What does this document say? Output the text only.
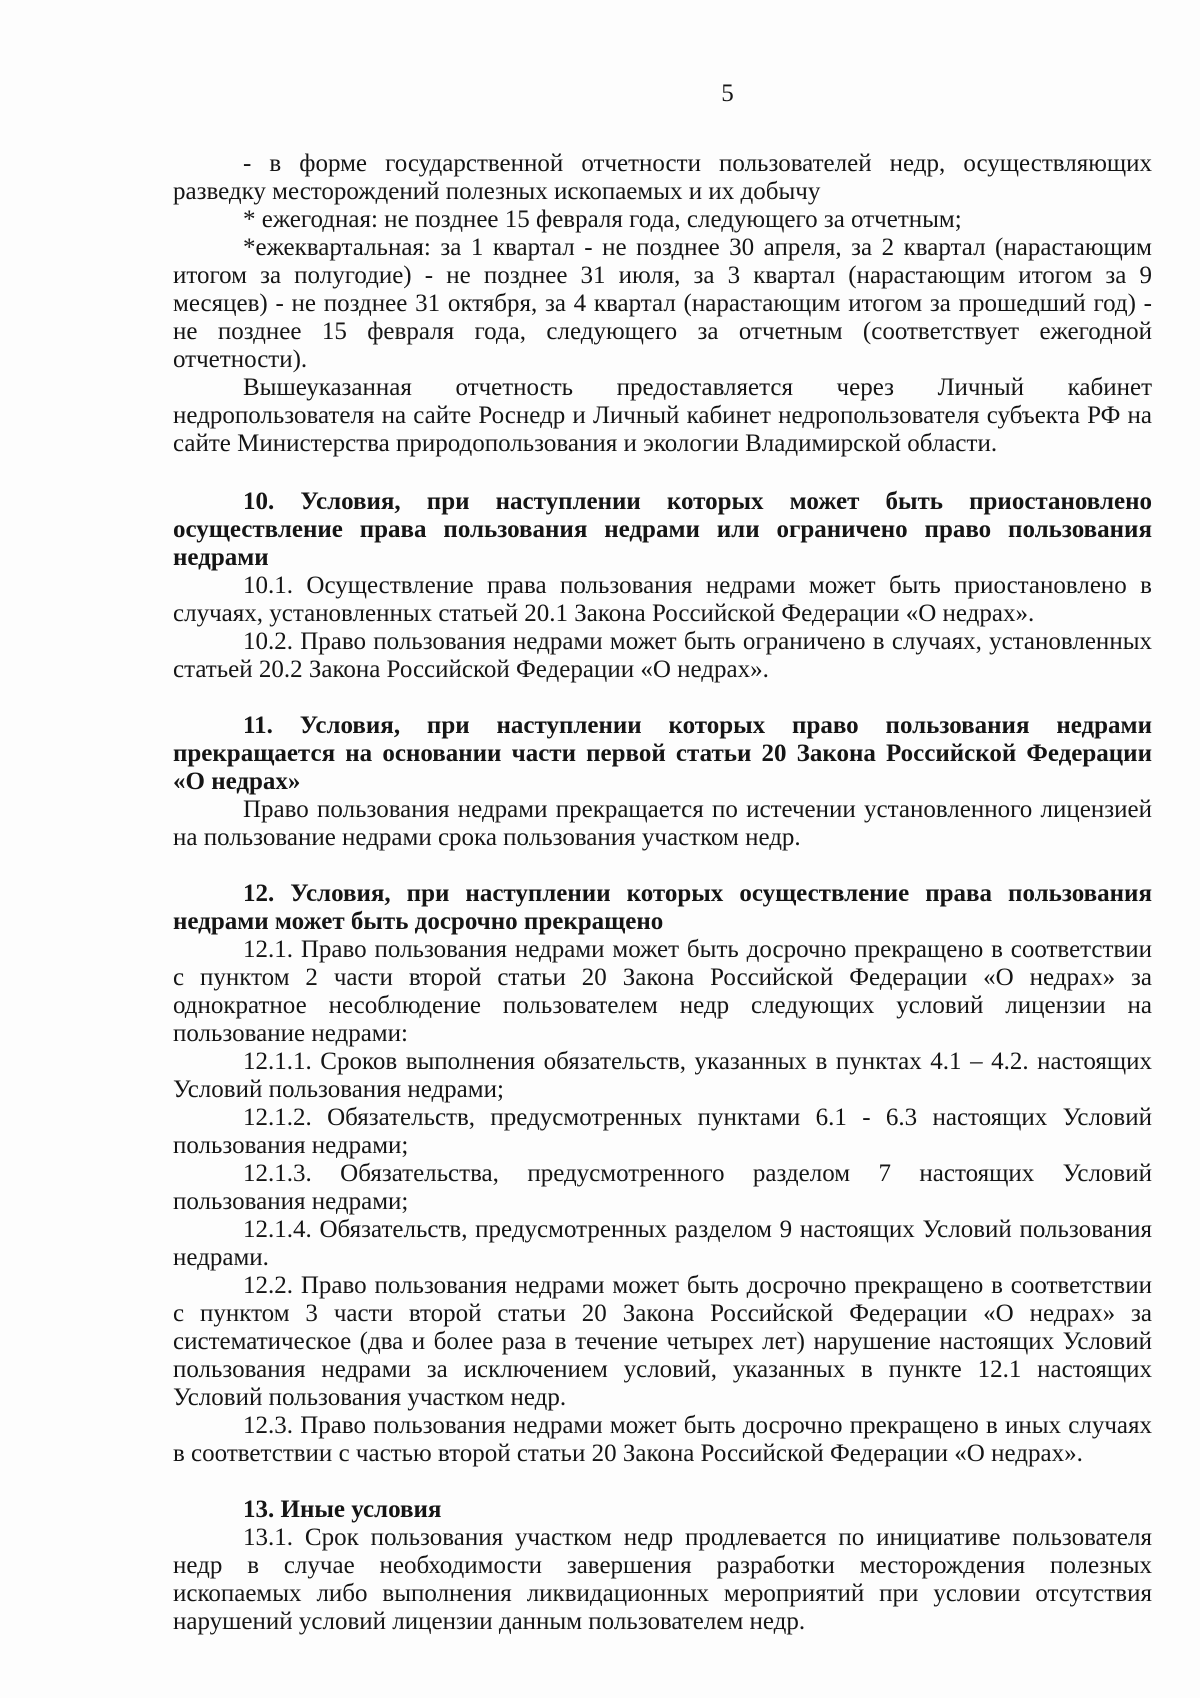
5

- в форме государственной отчетности пользователей недр, осуществляющих разведку месторождений полезных ископаемых и их добычу

* ежегодная: не позднее 15 февраля года, следующего за отчетным;

*ежеквартальная: за 1 квартал - не позднее 30 апреля, за 2 квартал (нарастающим итогом за полугодие) - не позднее 31 июля, за 3 квартал (нарастающим итогом за 9 месяцев) - не позднее 31 октября, за 4 квартал (нарастающим итогом за прошедший год) - не позднее 15 февраля года, следующего за отчетным (соответствует ежегодной отчетности).

Вышеуказанная отчетность предоставляется через Личный кабинет недропользователя на сайте Роснедр и Личный кабинет недропользователя субъекта РФ на сайте Министерства природопользования и экологии Владимирской области.

10. Условия, при наступлении которых может быть приостановлено осуществление права пользования недрами или ограничено право пользования недрами

10.1. Осуществление права пользования недрами может быть приостановлено в случаях, установленных статьей 20.1 Закона Российской Федерации «О недрах».

10.2. Право пользования недрами может быть ограничено в случаях, установленных статьей 20.2 Закона Российской Федерации «О недрах».

11. Условия, при наступлении которых право пользования недрами прекращается на основании части первой статьи 20 Закона Российской Федерации «О недрах»

Право пользования недрами прекращается по истечении установленного лицензией на пользование недрами срока пользования участком недр.

12. Условия, при наступлении которых осуществление права пользования недрами может быть досрочно прекращено

12.1. Право пользования недрами может быть досрочно прекращено в соответствии с пунктом 2 части второй статьи 20 Закона Российской Федерации «О недрах» за однократное несоблюдение пользователем недр следующих условий лицензии на пользование недрами:

12.1.1. Сроков выполнения обязательств, указанных в пунктах 4.1 – 4.2. настоящих Условий пользования недрами;

12.1.2. Обязательств, предусмотренных пунктами 6.1 - 6.3 настоящих Условий пользования недрами;

12.1.3. Обязательства, предусмотренного разделом 7 настоящих Условий пользования недрами;

12.1.4. Обязательств, предусмотренных разделом 9 настоящих Условий пользования недрами.

12.2. Право пользования недрами может быть досрочно прекращено в соответствии с пунктом 3 части второй статьи 20 Закона Российской Федерации «О недрах» за систематическое (два и более раза в течение четырех лет) нарушение настоящих Условий пользования недрами за исключением условий, указанных в пункте 12.1 настоящих Условий пользования участком недр.

12.3. Право пользования недрами может быть досрочно прекращено в иных случаях в соответствии с частью второй статьи 20 Закона Российской Федерации «О недрах».

13. Иные условия

13.1. Срок пользования участком недр продлевается по инициативе пользователя недр в случае необходимости завершения разработки месторождения полезных ископаемых либо выполнения ликвидационных мероприятий при условии отсутствия нарушений условий лицензии данным пользователем недр.
